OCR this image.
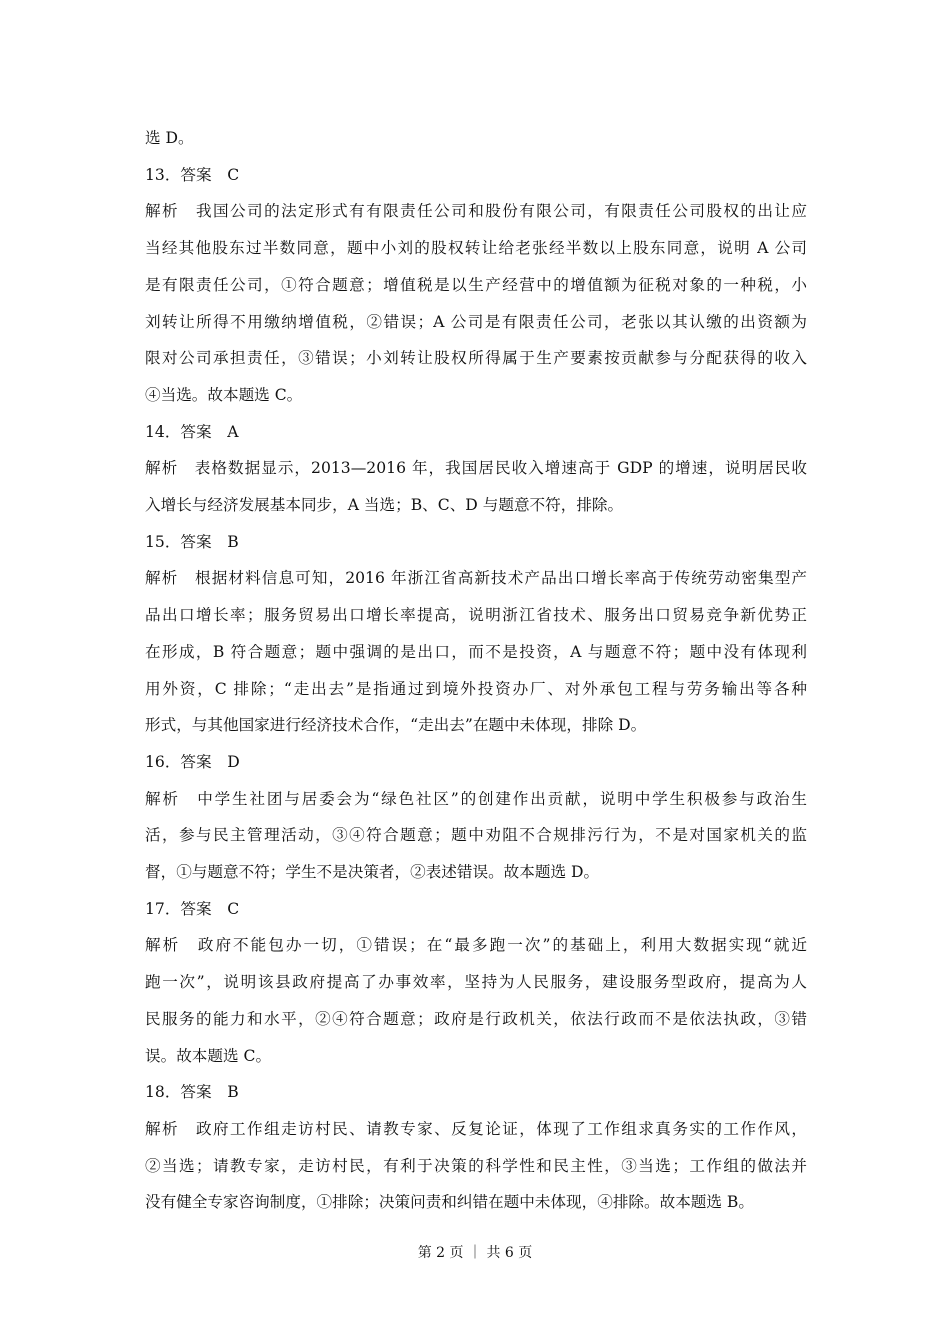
选 D。
13．答案　C
解析　我国公司的法定形式有有限责任公司和股份有限公司，有限责任公司股权的出让应
当经其他股东过半数同意，题中小刘的股权转让给老张经半数以上股东同意，说明 A 公司
是有限责任公司，①符合题意；增值税是以生产经营中的增值额为征税对象的一种税，小
刘转让所得不用缴纳增值税，②错误；A 公司是有限责任公司，老张以其认缴的出资额为
限对公司承担责任，③错误；小刘转让股权所得属于生产要素按贡献参与分配获得的收入
④当选。故本题选 C。
14．答案　A
解析　表格数据显示，2013—2016 年，我国居民收入增速高于 GDP 的增速，说明居民收
入增长与经济发展基本同步，A 当选；B、C、D 与题意不符，排除。
15．答案　B
解析　根据材料信息可知，2016 年浙江省高新技术产品出口增长率高于传统劳动密集型产
品出口增长率；服务贸易出口增长率提高，说明浙江省技术、服务出口贸易竞争新优势正
在形成，B 符合题意；题中强调的是出口，而不是投资，A 与题意不符；题中没有体现利
用外资，C 排除；“走出去”是指通过到境外投资办厂、对外承包工程与劳务输出等各种
形式，与其他国家进行经济技术合作，“走出去”在题中未体现，排除 D。
16．答案　D
解析　中学生社团与居委会为“绿色社区”的创建作出贡献，说明中学生积极参与政治生
活，参与民主管理活动，③④符合题意；题中劝阻不合规排污行为，不是对国家机关的监
督，①与题意不符；学生不是决策者，②表述错误。故本题选 D。
17．答案　C
解析　政府不能包办一切，①错误；在“最多跑一次”的基础上，利用大数据实现“就近
跑一次”，说明该县政府提高了办事效率，坚持为人民服务，建设服务型政府，提高为人
民服务的能力和水平，②④符合题意；政府是行政机关，依法行政而不是依法执政，③错
误。故本题选 C。
18．答案　B
解析　政府工作组走访村民、请教专家、反复论证，体现了工作组求真务实的工作作风，
②当选；请教专家，走访村民，有利于决策的科学性和民主性，③当选；工作组的做法并
没有健全专家咨询制度，①排除；决策问责和纠错在题中未体现，④排除。故本题选 B。
第 2 页 ｜ 共 6 页
